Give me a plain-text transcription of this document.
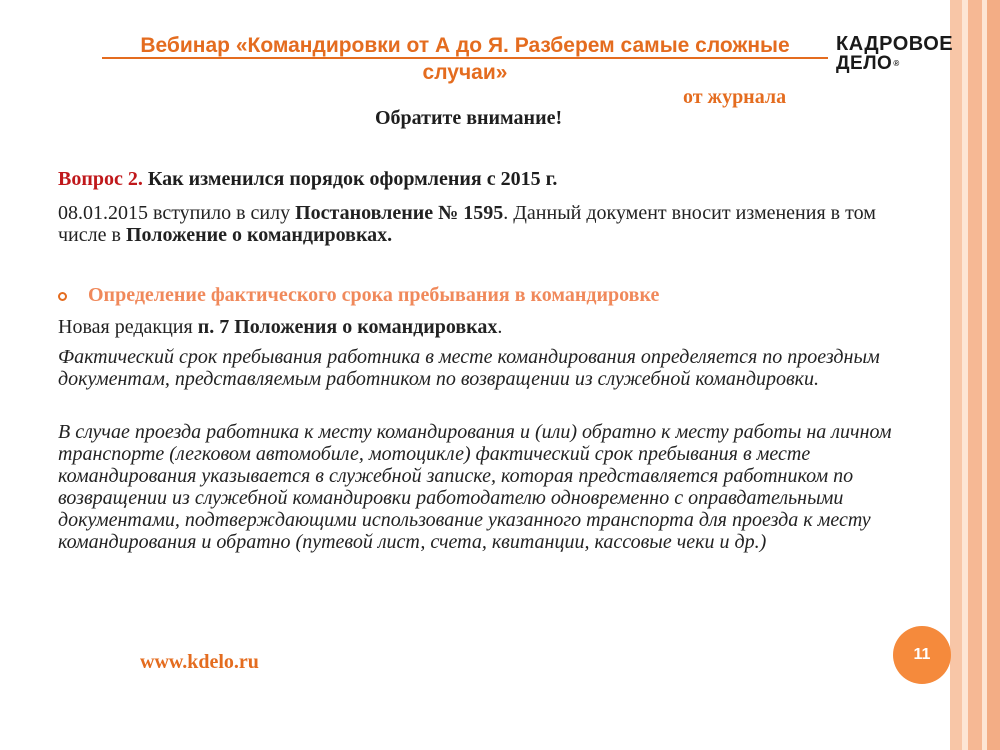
Вебинар «Командировки от А до Я. Разберем самые сложные случаи»
КАДРОВОЕ
ДЕЛО®
от журнала
Обратите внимание!
Вопрос 2. Как изменился порядок оформления с 2015 г.

08.01.2015 вступило в силу Постановление № 1595. Данный документ вносит изменения в том числе в Положение о командировках.

Определение фактического срока пребывания в командировке
Новая редакция п. 7 Положения о командировках.

Фактический срок пребывания работника в месте командирования определяется по проездным документам, представляемым работником по возвращении из служебной командировки.

В случае проезда работника к месту командирования и (или) обратно к месту работы на личном транспорте (легковом автомобиле, мотоцикле) фактический срок пребывания в месте командирования указывается в служебной записке, которая представляется работником по возвращении из служебной командировки работодателю одновременно с оправдательными документами, подтверждающими использование указанного транспорта для проезда к месту командирования и обратно (путевой лист, счета, квитанции, кассовые чеки и др.)

www.kdelo.ru	11
